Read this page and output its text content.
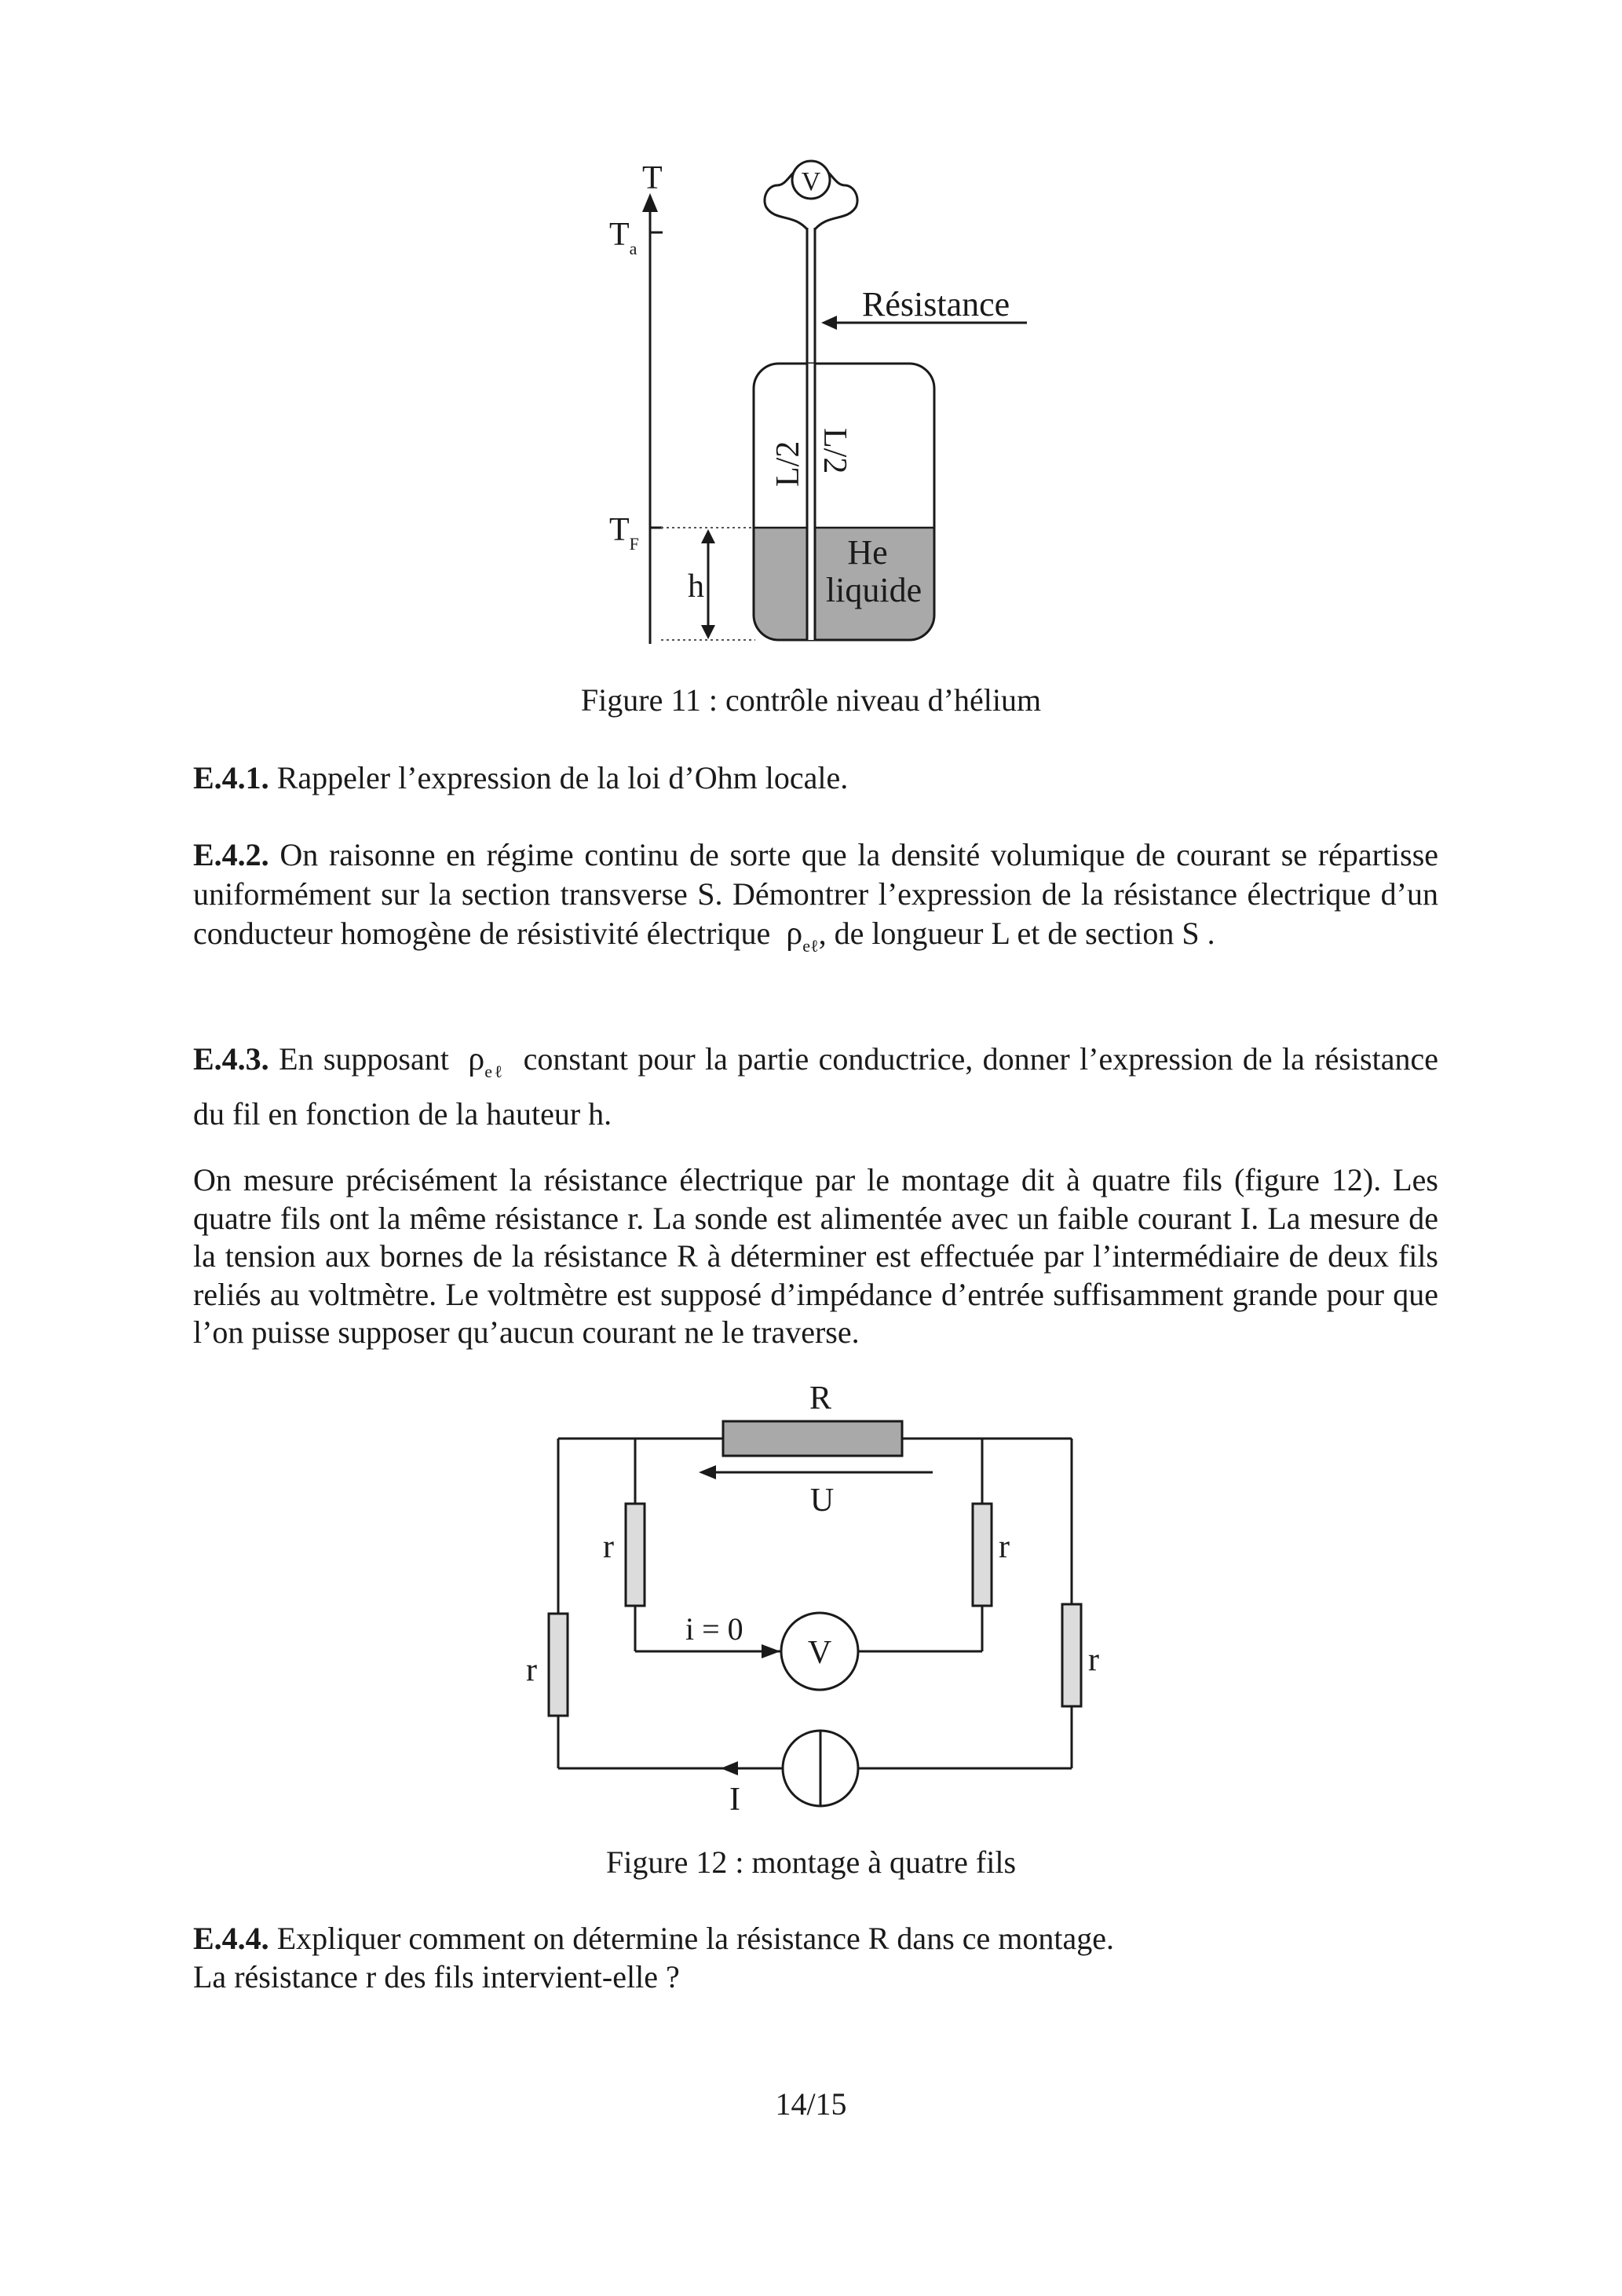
T
$T_a$
$T_F$
h
V
Résistance
L/2 L/2
He
liquide
Figure 11 : contrôle niveau d’hélium
E.4.1. Rappeler l’expression de la loi d’Ohm locale.
E.4.2. On raisonne en régime continu de sorte que la densité volumique de courant se répartisse uniformément sur la section transverse S. Démontrer l’expression de la résistance électrique d’un conducteur homogène de résistivité électrique $\rho_{e\ell}$, de longueur L et de section S .
E.4.3. En supposant $\rho_{e\ell}$ constant pour la partie conductrice, donner l’expression de la résistance du fil en fonction de la hauteur h.
On mesure précisément la résistance électrique par le montage dit à quatre fils (figure 12). Les quatre fils ont la même résistance r. La sonde est alimentée avec un faible courant I. La mesure de la tension aux bornes de la résistance R à déterminer est effectuée par l’intermédiaire de deux fils reliés au voltmètre. Le voltmètre est supposé d’impédance d’entrée suffisamment grande pour que l’on puisse supposer qu’aucun courant ne le traverse.
R
U
r	r
r	r
i = 0
V
I
Figure 12 : montage à quatre fils
E.4.4. Expliquer comment on détermine la résistance R dans ce montage.
La résistance r des fils intervient-elle ?
14/15
